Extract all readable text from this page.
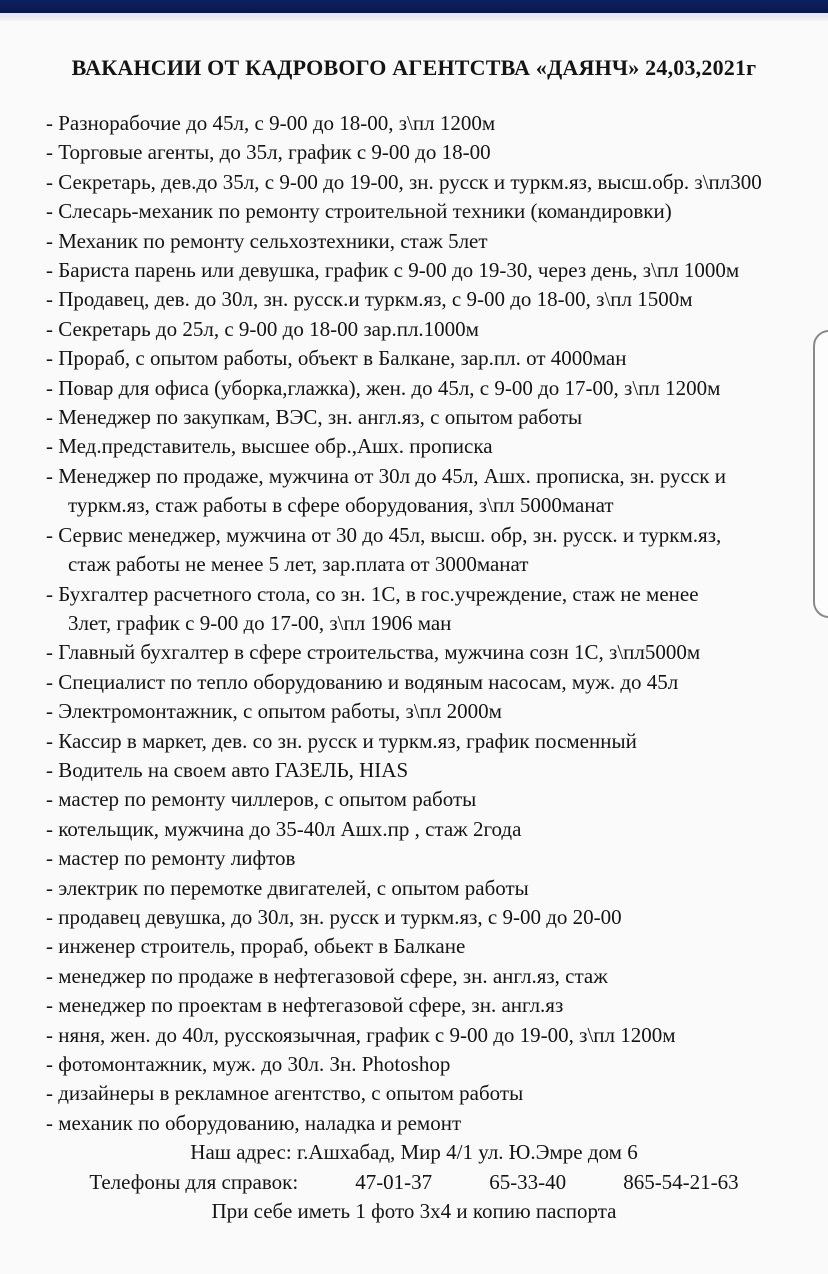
ВАКАНСИИ ОТ КАДРОВОГО АГЕНТСТВА «ДАЯНЧ» 24,03,2021г
- Разнорабочие до 45л, с 9-00 до 18-00, з\пл 1200м
- Торговые агенты, до 35л, график с 9-00 до 18-00
- Секретарь, дев.до 35л, с 9-00 до 19-00, зн. русск и туркм.яз, высш.обр. з\пл300
- Слесарь-механик по ремонту строительной техники (командировки)
- Механик по ремонту сельхозтехники, стаж 5лет
- Бариста парень или девушка, график с 9-00 до 19-30, через день, з\пл 1000м
- Продавец, дев. до 30л, зн. русск.и туркм.яз, с 9-00 до 18-00, з\пл 1500м
- Секретарь до 25л, с 9-00 до 18-00 зар.пл.1000м
- Прораб, с опытом работы, объект в Балкане, зар.пл. от 4000ман
- Повар для офиса (уборка,глажка), жен. до 45л, с 9-00 до 17-00, з\пл 1200м
- Менеджер по закупкам, ВЭС, зн. англ.яз, с опытом работы
- Мед.представитель, высшее обр.,Ашх. прописка
- Менеджер по продаже, мужчина от 30л до 45л, Ашх. прописка, зн. русск и
туркм.яз, стаж работы в сфере оборудования, з\пл 5000манат
- Сервис менеджер, мужчина от 30 до 45л, высш. обр, зн. русск. и туркм.яз,
стаж работы не менее 5 лет, зар.плата от 3000манат
- Бухгалтер расчетного стола, со зн. 1С, в гос.учреждение, стаж не менее
3лет, график с 9-00 до 17-00, з\пл 1906 ман
- Главный бухгалтер в сфере строительства, мужчина созн 1С, з\пл5000м
- Специалист по тепло оборудованию и водяным насосам, муж. до 45л
- Электромонтажник, с опытом работы, з\пл 2000м
- Кассир в маркет, дев. со зн. русск и туркм.яз, график посменный
- Водитель на своем авто ГАЗЕЛЬ, HIAS
- мастер по ремонту чиллеров, с опытом работы
- котельщик, мужчина до 35-40л Ашх.пр , стаж 2года
- мастер по ремонту лифтов
- электрик по перемотке двигателей, с опытом работы
- продавец девушка, до 30л, зн. русск и туркм.яз, с 9-00 до 20-00
- инженер строитель, прораб, обьект в Балкане
- менеджер по продаже в нефтегазовой сфере, зн. англ.яз, стаж
- менеджер по проектам в нефтегазовой сфере, зн. англ.яз
- няня, жен. до 40л, русскоязычная, график с 9-00 до 19-00, з\пл 1200м
- фотомонтажник, муж. до 30л. Зн. Photoshop
- дизайнеры в рекламное агентство, с опытом работы
- механик по оборудованию, наладка и ремонт
Наш адрес: г.Ашхабад, Мир 4/1 ул. Ю.Эмре дом 6
Телефоны для справок:	47-01-37	65-33-40	865-54-21-63
При себе иметь 1 фото 3х4 и копию паспорта
